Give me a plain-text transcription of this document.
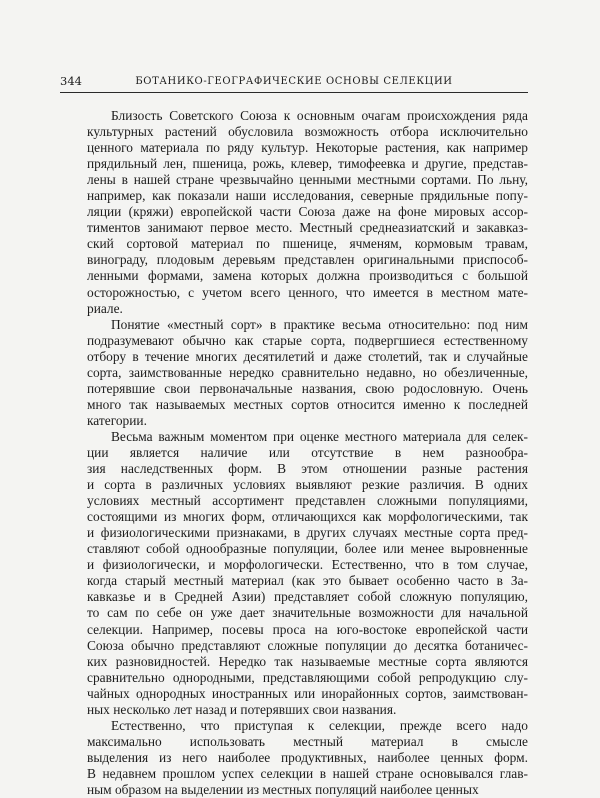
344	БОТАНИКО-ГЕОГРАФИЧЕСКИЕ ОСНОВЫ СЕЛЕКЦИИ

Близость Советского Союза к основным очагам происхождения ряда
культурных растений обусловила возможность отбора исключительно
ценного материала по ряду культур. Некоторые растения, как например
прядильный лен, пшеница, рожь, клевер, тимофеевка и другие, представ-
лены в нашей стране чрезвычайно ценными местными сортами. По льну,
например, как показали наши исследования, северные прядильные попу-
ляции (кряжи) европейской части Союза даже на фоне мировых ассор-
тиментов занимают первое место. Местный среднеазиатский и закавказ-
ский сортовой материал по пшенице, ячменям, кормовым травам,
винограду, плодовым деревьям представлен оригинальными приспособ-
ленными формами, замена которых должна производиться с большой
осторожностью, с учетом всего ценного, что имеется в местном мате-
риале.

Понятие «местный сорт» в практике весьма относительно: под ним
подразумевают обычно как старые сорта, подвергшиеся естественному
отбору в течение многих десятилетий и даже столетий, так и случайные
сорта, заимствованные нередко сравнительно недавно, но обезличенные,
потерявшие свои первоначальные названия, свою родословную. Очень
много так называемых местных сортов относится именно к последней
категории.

Весьма важным моментом при оценке местного материала для селек-
ции является наличие или отсутствие в нем разнообра-
зия наследственных форм. В этом отношении разные растения
и сорта в различных условиях выявляют резкие различия. В одних
условиях местный ассортимент представлен сложными популяциями,
состоящими из многих форм, отличающихся как морфологическими, так
и физиологическими признаками, в других случаях местные сорта пред-
ставляют собой однообразные популяции, более или менее выровненные
и физиологически, и морфологически. Естественно, что в том случае,
когда старый местный материал (как это бывает особенно часто в За-
кавказье и в Средней Азии) представляет собой сложную популяцию,
то сам по себе он уже дает значительные возможности для начальной
селекции. Например, посевы проса на юго-востоке европейской части
Союза обычно представляют сложные популяции до десятка ботаничес-
ких разновидностей. Нередко так называемые местные сорта являются
сравнительно однородными, представляющими собой репродукцию слу-
чайных однородных иностранных или инорайонных сортов, заимствован-
ных несколько лет назад и потерявших свои названия.

Естественно, что приступая к селекции, прежде всего надо
максимально использовать местный материал в смысле
выделения из него наиболее продуктивных, наиболее ценных форм.
В недавнем прошлом успех селекции в нашей стране основывался глав-
ным образом на выделении из местных популяций наиболее ценных
